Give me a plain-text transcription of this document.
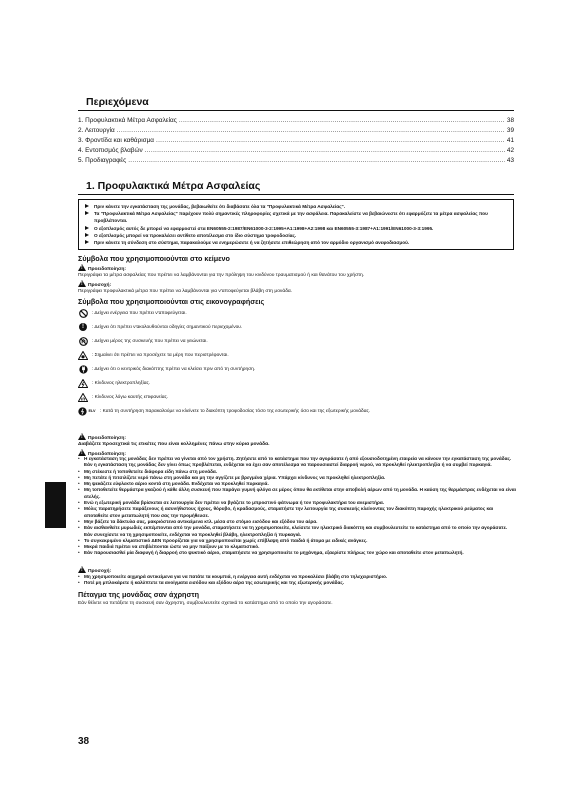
Περιεχόμενα
1. Προφυλακτικά Μέτρα Ασφαλείας .....	38
2. Λειτουργία .....	39
3. Φροντίδα και καθάρισμα .....	41
4. Εντοπισμός βλαβών .....	42
5. Προδιαγραφές .....	43
1. Προφυλακτικά Μέτρα Ασφαλείας
Πριν κάνετε την εγκατάσταση της μονάδας, βεβαιωθείτε ότι διαβάσατε όλα τα "Προφυλακτικά Μέτρα Ασφαλείας".
Τα "Προφυλακτικά Μέτρα Ασφαλείας" παρέχουν πολύ σημαντικές πληροφορίες σχετικά με την ασφάλεια. Παρακαλείστε να βεβαιώνεστε ότι εφαρμόζετε τα μέτρα ασφαλείας που προβλέπονται.
Ο εξοπλισμός αυτός δε μπορεί να εφαρμοστεί στα EN60555-2:1987/EN61000-3-2:1995+A1:1998+A2:1998 και EN60555-3:1987+A1:1991/EN61000-3-3:1995.
Ο εξοπλισμός μπορεί να προκαλέσει αντίθετο αποτέλεσμα στο ίδιο σύστημα τροφοδοσίας.
Πριν κάνετε τη σύνδεση στο σύστημα, παρακαλούμε να ενημερώσετε ή να ζητήσετε επιθεώρηση από τον αρμόδιο οργανισμό ανεφοδιασμού.
Σύμβολα που χρησιμοποιούνται στο κείμενο
!Προειδοποίηση:
Περιγράφει τα μέτρα ασφαλείας που πρέπει να λαμβάνονται για την πρόληψη του κινδύνου τραυματισμού ή και θανάτου του χρήστη.
!Προσοχή:
Περιγράφει προφυλακτικά μέτρα που πρέπει να λαμβάνονται για ν'αποφεύγεται βλάβη στη μονάδα.
Σύμβολα που χρησιμοποιούνται στις εικονογραφήσεις
: Δείχνει ενέργεια που πρέπει ν'αποφεύγεται.
!	: Δείχνει ότι πρέπει ν'ακολουθούνται οδηγίες σημαντικού περιεχομένου.
: Δείχνει μέρος της συσκευής που πρέπει να γειώνεται.
: Σημαίνει ότι πρέπει να προσέχετε τα μέρη που περιστρέφονται.
: Δείχνει ότι ο κεντρικός διακόπτης πρέπει να κλείσει πριν από τη συντήρηση.
: Κίνδυνος ηλεκτροπληξίας.
: Κίνδυνος λόγω καυτής επιφανείας.
ELV : Κατά τη συντήρηση παρακαλούμε να κλείνετε το διακόπτη τροφοδοσίας τόσο της εσωτερικής όσο και της εξωτερικής μονάδας.
!Προειδοποίηση:
Διαβάζετε προσεχτικά τις ετικέτες που είναι κολλημένες πάνω στην κύρια μονάδα.
!Προειδοποίηση:
• Η εγκατάσταση της μονάδας δεν πρέπει να γίνεται από τον χρήστη. Ζητήσετε από το κατάστημα που την αγοράσατε ή από εξουσιοδοτημένη εταιρεία να κάνουν την εγκατάσταση της μονάδας. Εάν η εγκατάσταση της μονάδας δεν γίνει όπως προβλέπεται, ενδέχεται να έχει σαν αποτέλεσμα να παρουσιαστεί διαρροή νερού, να προκληθεί ηλεκτροπληξία ή να συμβεί πυρκαγιά.
• Μη στέκεστε ή τοποθετείτε διάφορα είδη πάνω στη μονάδα.
• Μη πετάτε ή πιτσιλίζετε νερό πάνω στη μονάδα και μη την αγγίζετε με βρεγμένα χέρια. Υπάρχει κίνδυνος να προκληθεί ηλεκτροπληξία.
• Μη ψεκάζετε εύφλεκτο αέριο κοντά στη μονάδα. Ενδέχεται να προκληθεί πυρκαγιά.
• Μη τοποθετείτε θερμάστρα γκαζιού ή κάθε άλλη συσκευή που παράγει γυμνή φλόγα σε μέρος όπου θα εκτίθεται στην αποβολή αέρων από τη μονάδα. Η καύση της θερμάστρας ενδέχεται να είναι ατελής.
• Ενώ η εξωτερική μονάδα βρίσκεται σε λειτουργία δεν πρέπει να βγάζετε το μπροστινό φάτνωμα ή τον προφυλακτήρα του ανεμιστήρα.
• Μόλις παρατηρήσετε παράξενους ή ασυνήθιστους ήχους, θόρυβο, ή κραδασμούς, σταματήστε την λειτουργία της συσκευής κλείνοντας τον διακόπτη παροχής ηλεκτρικού ρεύματος και αποταθείτε στον μεταπωλητή που σας την προμήθευσε.
• Μην βάζετε τα δάκτυλα σας, μακριόστενα αντικείμενα κτλ. μέσα στο στόμιο εισόδου και εξόδου του αέρα.
• Εάν αισθανθείτε μυρωδιές εκπέμπονται από την μονάδα, σταματήσετε να τη χρησιμοποιείτε, κλείσετε τον ηλεκτρικό διακόπτη και συμβουλευτείτε το κατάστημα από το οποίο την αγοράσατε. Εάν συνεχίσετε να τη χρησιμοποιείτε, ενδέχεται να προκληθεί βλάβη, ηλεκτροπληξία ή πυρκαγιά.
• Το συγκεκριμένο κλιματιστικό ΔΕΝ προορίζεται για να χρησιμοποιείται χωρίς επίβλεψη από παιδιά ή άτομα με ειδικές ανάγκες.
• Μικρά παιδιά πρέπει να επιβλέπονται ώστε να μην παίζουν με το κλιματιστικό.
• Εάν παρουσιασθεί μία διαφυγή ή διαρροή στο ψυκτικό αέριο, σταματήσετε να χρησιμοποιείτε το μηχάνημα, εξαερίστε πλήρως τον χώρο και αποταθείτε στον μεταπωλητή.
!Προσοχή:
• Μη χρησιμοποιείτε αιχμηρά αντικείμενα για να πατάτε τα κουμπιά, η ενέργεια αυτή ενδέχεται να προκαλέσει βλάβη στο τηλεχειριστήριο.
• Ποτέ μη μπλοκάρετε ή καλύπτετε τα ανοίγματα εισόδου και εξόδου αέρα της εσωτερικής και της εξωτερικής μονάδας.
Πέταγμα της μονάδας σαν άχρηστη
Εάν θέλετε να πετάξετε τη συσκευή σαν άχρηστη, συμβουλευτείτε σχετικά το κατάστημα από το οποίο την αγοράσατε.
38
